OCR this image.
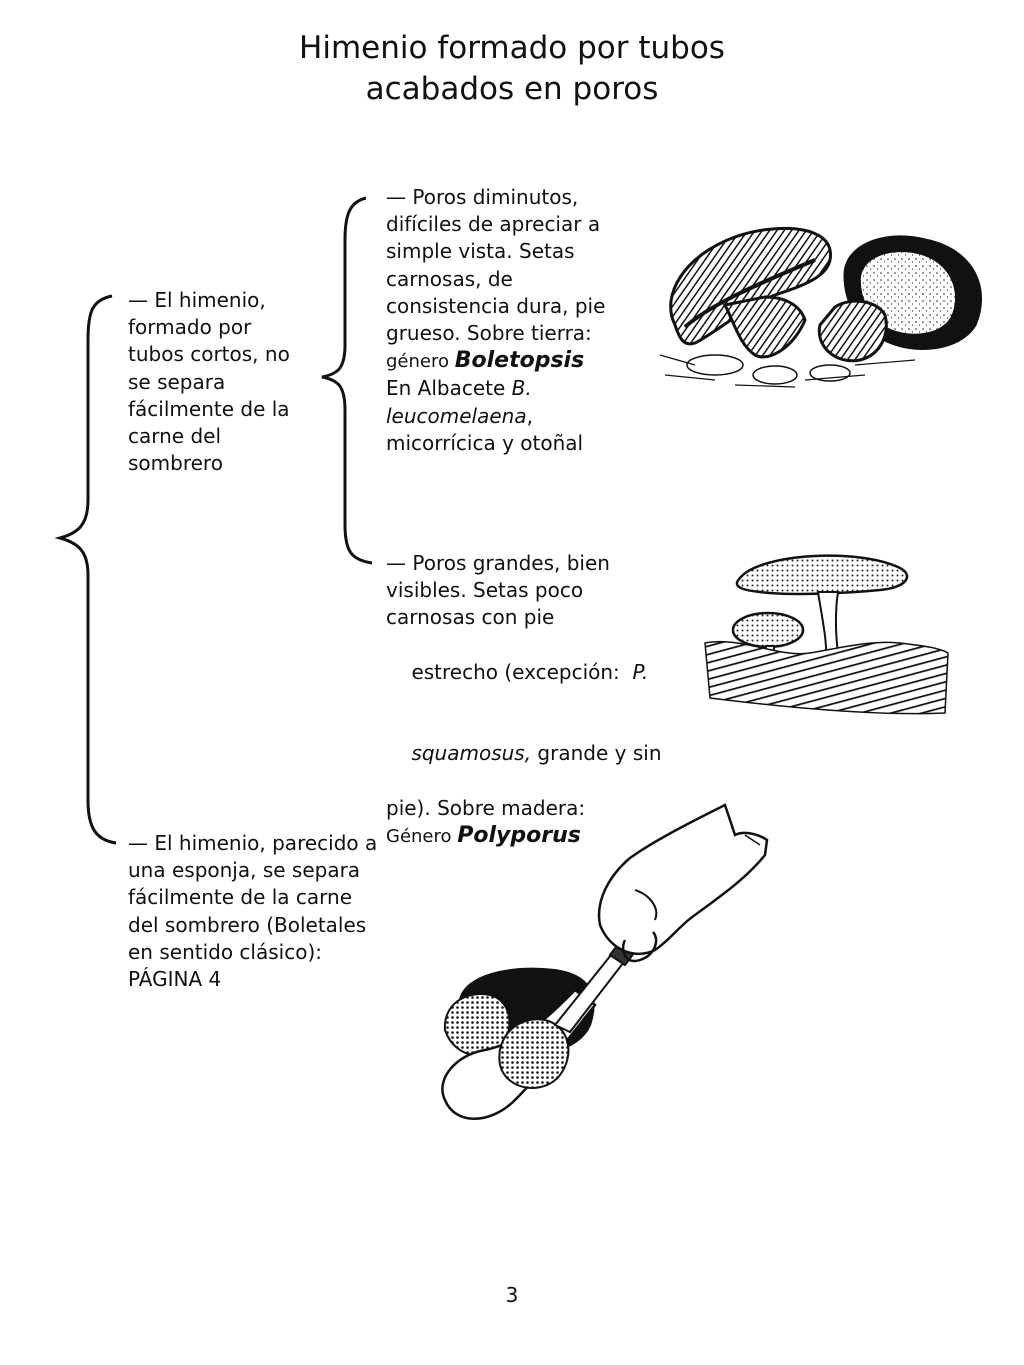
Himenio formado por tubos
acabados en poros
— El himenio,
formado por
tubos cortos, no
se separa
fácilmente de la
carne del
sombrero
— El himenio, parecido a
una esponja, se separa
fácilmente de la carne
del sombrero (Boletales
en sentido clásico):
PÁGINA 4
— Poros diminutos,
difíciles de apreciar a
simple vista. Setas
carnosas, de
consistencia dura, pie
grueso. Sobre tierra:
género Boletopsis
En Albacete B.
leucomelaena,
micorrícica y otoñal
— Poros grandes, bien
visibles. Setas poco
carnosas con pie

estrecho (excepción:  P.

squamosus, grande y sin

pie). Sobre madera:
Género Polyporus
3
